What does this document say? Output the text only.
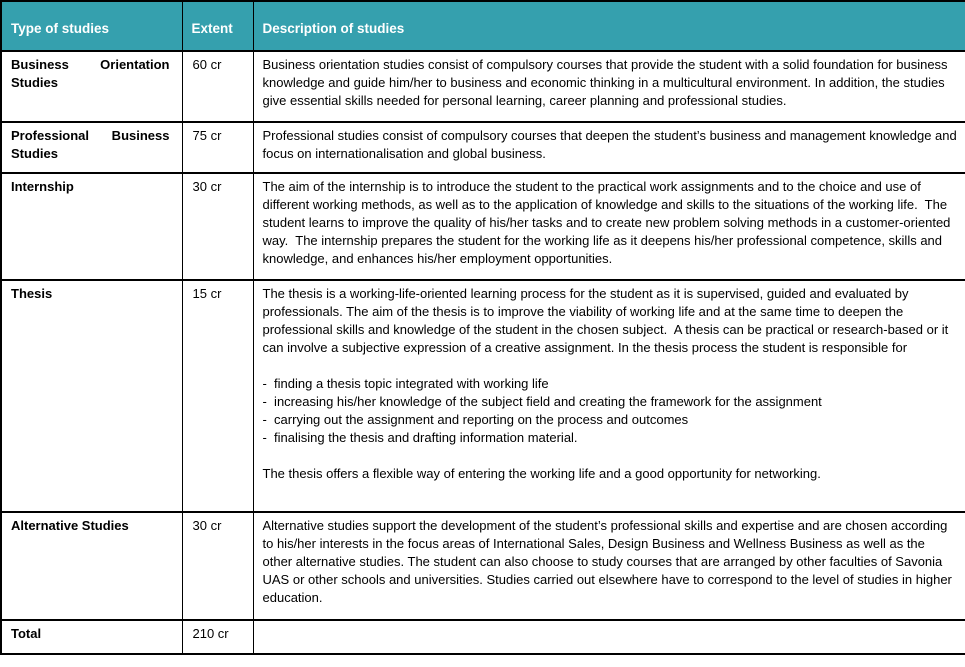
Type of studies	Extent	Description of studies
Business Orientation Studies	60 cr	Business orientation studies consist of compulsory courses that provide the student with a solid foundation for business knowledge and guide him/her to business and economic thinking in a multicultural environment. In addition, the studies give essential skills needed for personal learning, career planning and professional studies.

Professional Business Studies	75 cr	Professional studies consist of compulsory courses that deepen the student’s business and management knowledge and focus on internationalisation and global business.

Internship	30 cr	The aim of the internship is to introduce the student to the practical work assignments and to the choice and use of different working methods, as well as to the application of knowledge and skills to the situations of the working life.  The student learns to improve the quality of his/her tasks and to create new problem solving methods in a customer-oriented way.  The internship prepares the student for the working life as it deepens his/her professional competence, skills and knowledge, and enhances his/her employment opportunities.

Thesis	15 cr	The thesis is a working-life-oriented learning process for the student as it is supervised, guided and evaluated by professionals. The aim of the thesis is to improve the viability of working life and at the same time to deepen the professional skills and knowledge of the student in the chosen subject.  A thesis can be practical or research-based or it can involve a subjective expression of a creative assignment. In the thesis process the student is responsible for

-  finding a thesis topic integrated with working life

-  increasing his/her knowledge of the subject field and creating the framework for the assignment

-  carrying out the assignment and reporting on the process and outcomes

-  finalising the thesis and drafting information material.

The thesis offers a flexible way of entering the working life and a good opportunity for networking.

Alternative Studies	30 cr	Alternative studies support the development of the student’s professional skills and expertise and are chosen according to his/her interests in the focus areas of International Sales, Design Business and Wellness Business as well as the other alternative studies. The student can also choose to study courses that are arranged by other faculties of Savonia UAS or other schools and universities. Studies carried out elsewhere have to correspond to the level of studies in higher education.

Total	210 cr	
